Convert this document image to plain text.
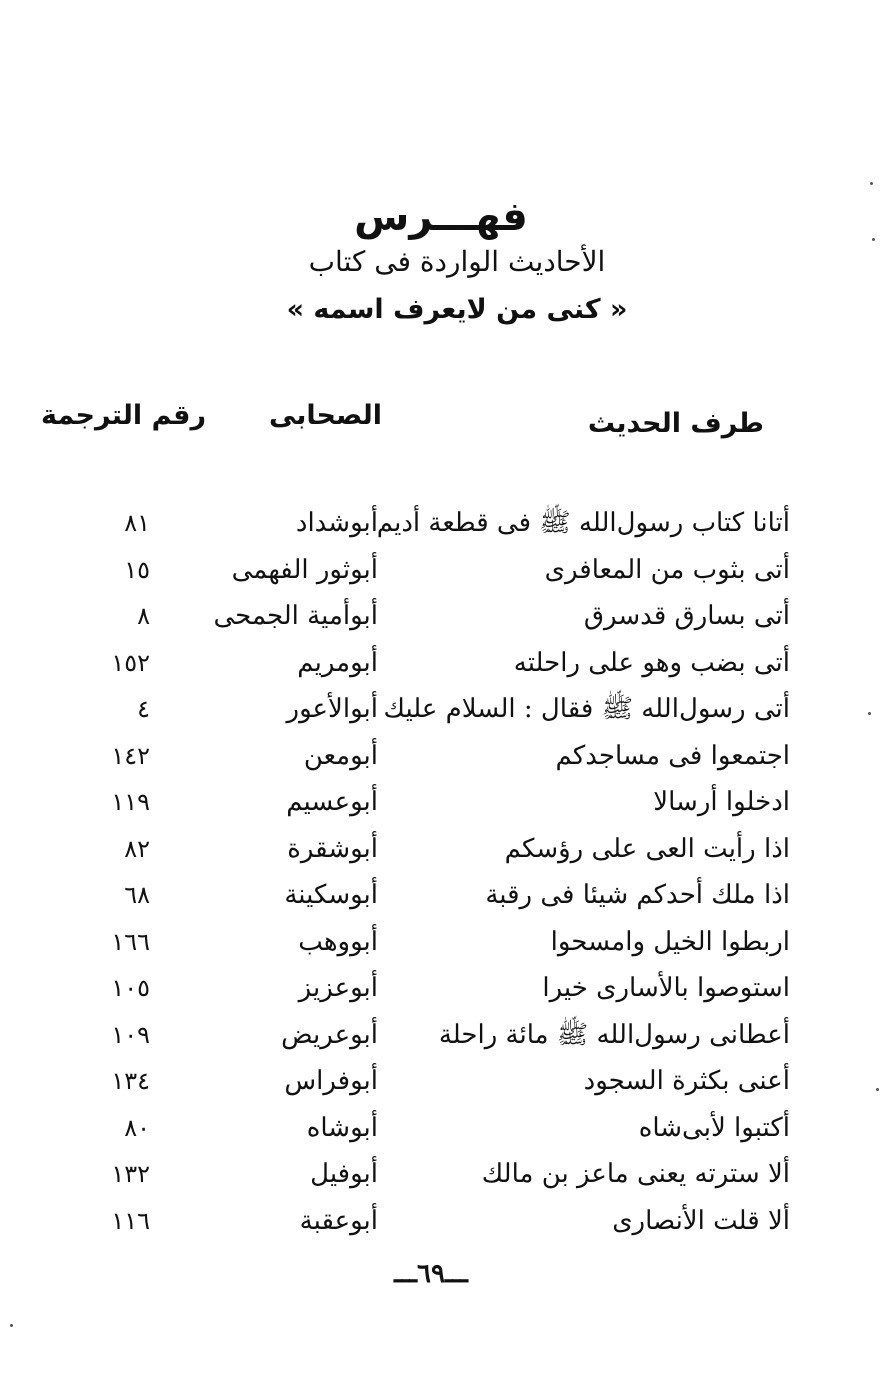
فهـــرس
الأحاديث الواردة فى كتاب
« كنى من لايعرف اسمه »
طرف الحديث
الصحابى
رقم الترجمة
أتانا كتاب رسول‌الله ﷺ فى قطعة أديم
أبوشداد
٨١
أتى بثوب من المعافرى
أبوثور الفهمى
١٥
أتى بسارق قدسرق
أبوأمية الجمحى
٨
أتى بضب وهو على راحلته
أبومريم
١٥٢
أتى رسول‌الله ﷺ فقال : السلام عليك
أبوالأعور
٤
اجتمعوا فى مساجدكم
أبومعن
١٤٢
ادخلوا أرسالا
أبوعسيم
١١٩
اذا رأيت العى على رؤسكم
أبوشقرة
٨٢
اذا ملك أحدكم شيئا فى رقبة
أبوسكينة
٦٨
اربطوا الخيل وامسحوا
أبووهب
١٦٦
استوصوا بالأسارى خيرا
أبوعزيز
١٠٥
أعطانى رسول‌الله ﷺ مائة راحلة
أبوعريض
١٠٩
أعنى بكثرة السجود
أبوفراس
١٣٤
أكتبوا لأبى‌شاه
أبوشاه
٨٠
ألا سترته يعنى ماعز بن مالك
أبوفيل
١٣٢
ألا قلت الأنصارى
أبوعقبة
١١٦
ـــ٦٩ـــ
